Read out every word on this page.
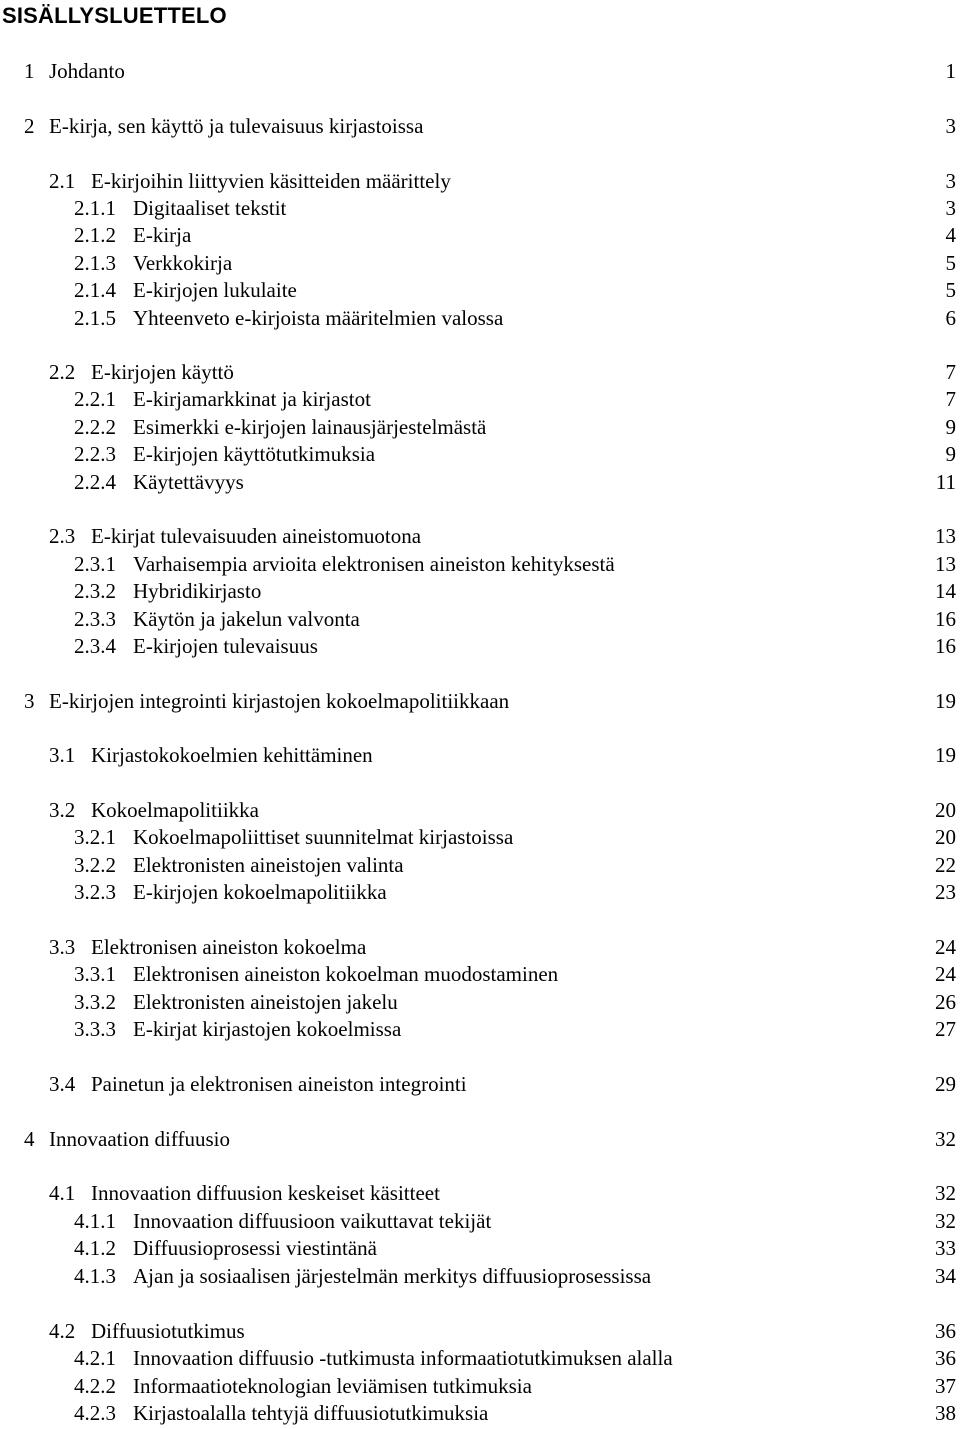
SISÄLLYSLUETTELO
1 Johdanto	1
2 E-kirja, sen käyttö ja tulevaisuus kirjastoissa	3
2.1 E-kirjoihin liittyvien käsitteiden määrittely	3
2.1.1 Digitaaliset tekstit	3
2.1.2 E-kirja	4
2.1.3 Verkkokirja	5
2.1.4 E-kirjojen lukulaite	5
2.1.5 Yhteenveto e-kirjoista määritelmien valossa	6
2.2 E-kirjojen käyttö	7
2.2.1 E-kirjamarkkinat ja kirjastot	7
2.2.2 Esimerkki e-kirjojen lainausjärjestelmästä	9
2.2.3 E-kirjojen käyttötutkimuksia	9
2.2.4 Käytettävyys	11
2.3 E-kirjat tulevaisuuden aineistomuotona	13
2.3.1 Varhaisempia arvioita elektronisen aineiston kehityksestä	13
2.3.2 Hybridikirjasto	14
2.3.3 Käytön ja jakelun valvonta	16
2.3.4 E-kirjojen tulevaisuus	16
3 E-kirjojen integrointi kirjastojen kokoelmapolitiikkaan	19
3.1 Kirjastokokoelmien kehittäminen	19
3.2 Kokoelmapolitiikka	20
3.2.1 Kokoelmapoliittiset suunnitelmat kirjastoissa	20
3.2.2 Elektronisten aineistojen valinta	22
3.2.3 E-kirjojen kokoelmapolitiikka	23
3.3 Elektronisen aineiston kokoelma	24
3.3.1 Elektronisen aineiston kokoelman muodostaminen	24
3.3.2 Elektronisten aineistojen jakelu	26
3.3.3 E-kirjat kirjastojen kokoelmissa	27
3.4 Painetun ja elektronisen aineiston integrointi	29
4 Innovaation diffuusio	32
4.1 Innovaation diffuusion keskeiset käsitteet	32
4.1.1 Innovaation diffuusioon vaikuttavat tekijät	32
4.1.2 Diffuusioprosessi viestintänä	33
4.1.3 Ajan ja sosiaalisen järjestelmän merkitys diffuusioprosessissa	34
4.2 Diffuusiotutkimus	36
4.2.1 Innovaation diffuusio -tutkimusta informaatiotutkimuksen alalla	36
4.2.2 Informaatioteknologian leviämisen tutkimuksia	37
4.2.3 Kirjastoalalla tehtyjä diffuusiotutkimuksia	38
